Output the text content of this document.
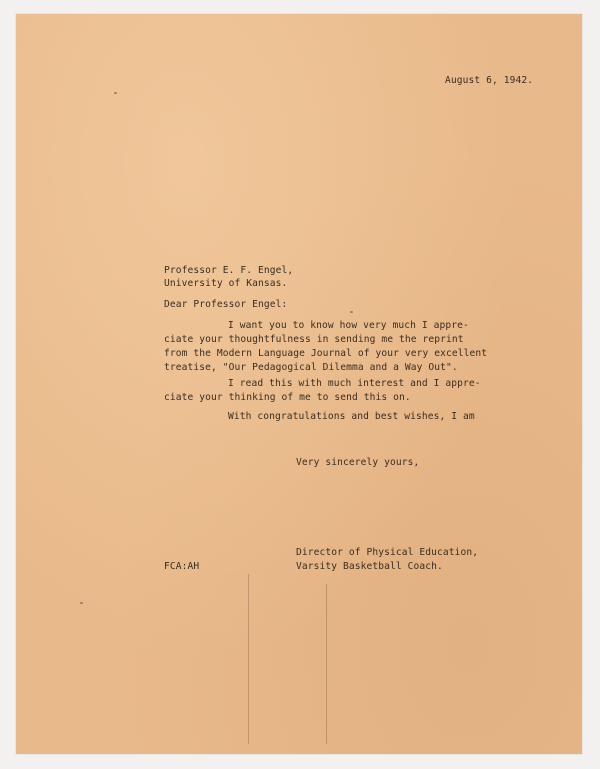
August 6, 1942.
Professor E. F. Engel,
University of Kansas.
Dear Professor Engel:
I want you to know how very much I appre-
ciate your thoughtfulness in sending me the reprint
from the Modern Language Journal of your very excellent
treatise, "Our Pedagogical Dilemma and a Way Out".
I read this with much interest and I appre-
ciate your thinking of me to send this on.
With congratulations and best wishes, I am
Very sincerely yours,
Director of Physical Education,
Varsity Basketball Coach.
FCA:AH
